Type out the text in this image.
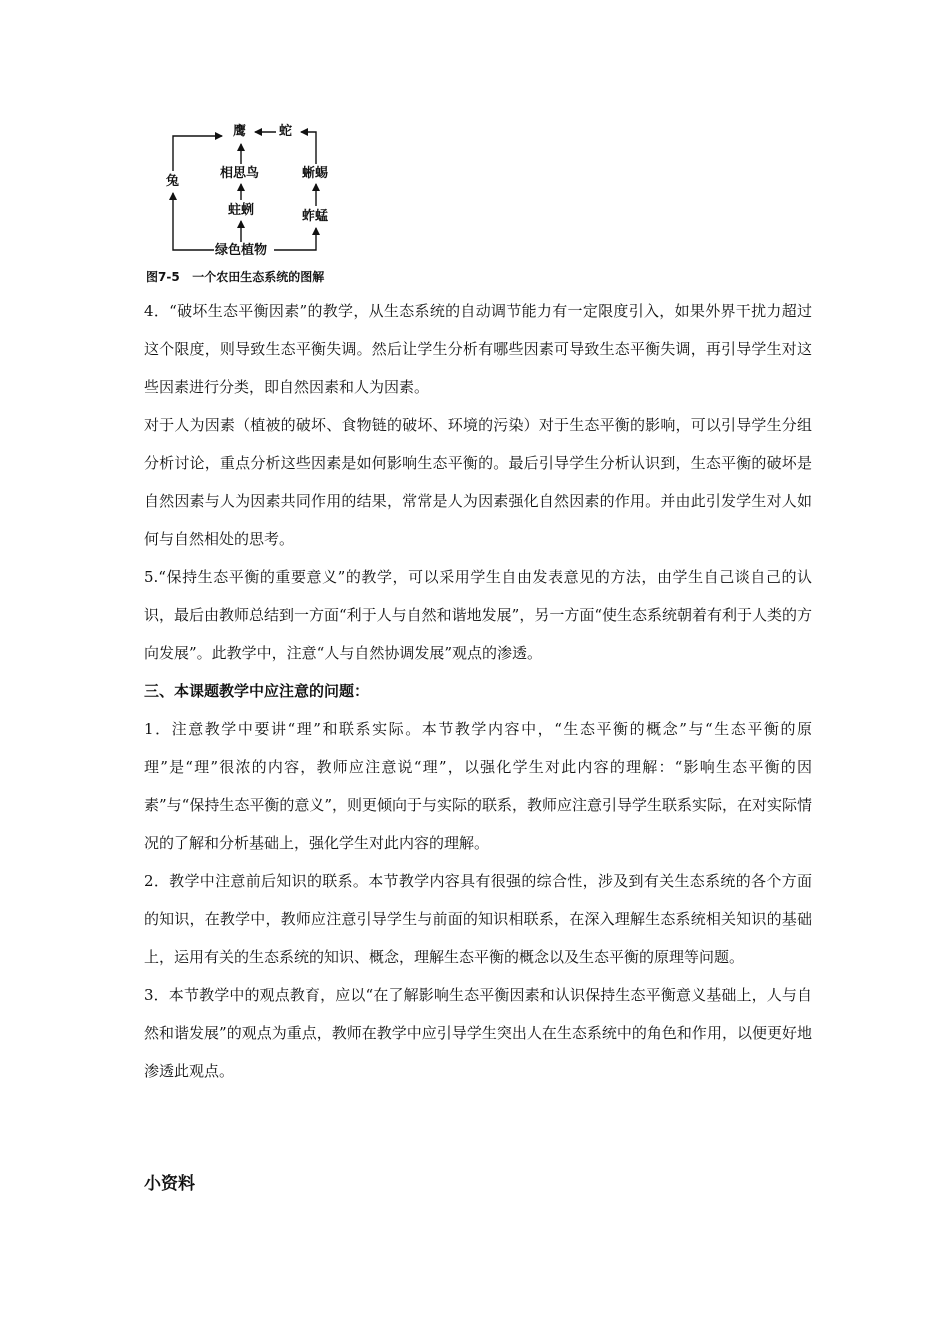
鹰	蛇
兔
相思鸟	蜥蜴
蛀蛚	蚱蜢
绿色植物
图7-5   一个农田生态系统的图解

4．“破坏生态平衡因素”的教学，从生态系统的自动调节能力有一定限度引入，如果外界干扰力超过这个限度，则导致生态平衡失调。然后让学生分析有哪些因素可导致生态平衡失调，再引导学生对这些因素进行分类，即自然因素和人为因素。

对于人为因素（植被的破坏、食物链的破坏、环境的污染）对于生态平衡的影响，可以引导学生分组分析讨论，重点分析这些因素是如何影响生态平衡的。最后引导学生分析认识到，生态平衡的破坏是自然因素与人为因素共同作用的结果，常常是人为因素强化自然因素的作用。并由此引发学生对人如何与自然相处的思考。

5.“保持生态平衡的重要意义”的教学，可以采用学生自由发表意见的方法，由学生自己谈自己的认识，最后由教师总结到一方面“利于人与自然和谐地发展”，另一方面“使生态系统朝着有利于人类的方向发展”。此教学中，注意“人与自然协调发展”观点的渗透。

三、本课题教学中应注意的问题：

1．注意教学中要讲“理”和联系实际。本节教学内容中，“生态平衡的概念”与“生态平衡的原理”是“理”很浓的内容，教师应注意说“理”，以强化学生对此内容的理解：“影响生态平衡的因素”与“保持生态平衡的意义”，则更倾向于与实际的联系，教师应注意引导学生联系实际，在对实际情况的了解和分析基础上，强化学生对此内容的理解。

2．教学中注意前后知识的联系。本节教学内容具有很强的综合性，涉及到有关生态系统的各个方面的知识，在教学中，教师应注意引导学生与前面的知识相联系，在深入理解生态系统相关知识的基础上，运用有关的生态系统的知识、概念，理解生态平衡的概念以及生态平衡的原理等问题。

3．本节教学中的观点教育，应以“在了解影响生态平衡因素和认识保持生态平衡意义基础上，人与自然和谐发展”的观点为重点，教师在教学中应引导学生突出人在生态系统中的角色和作用，以便更好地渗透此观点。

小资料
